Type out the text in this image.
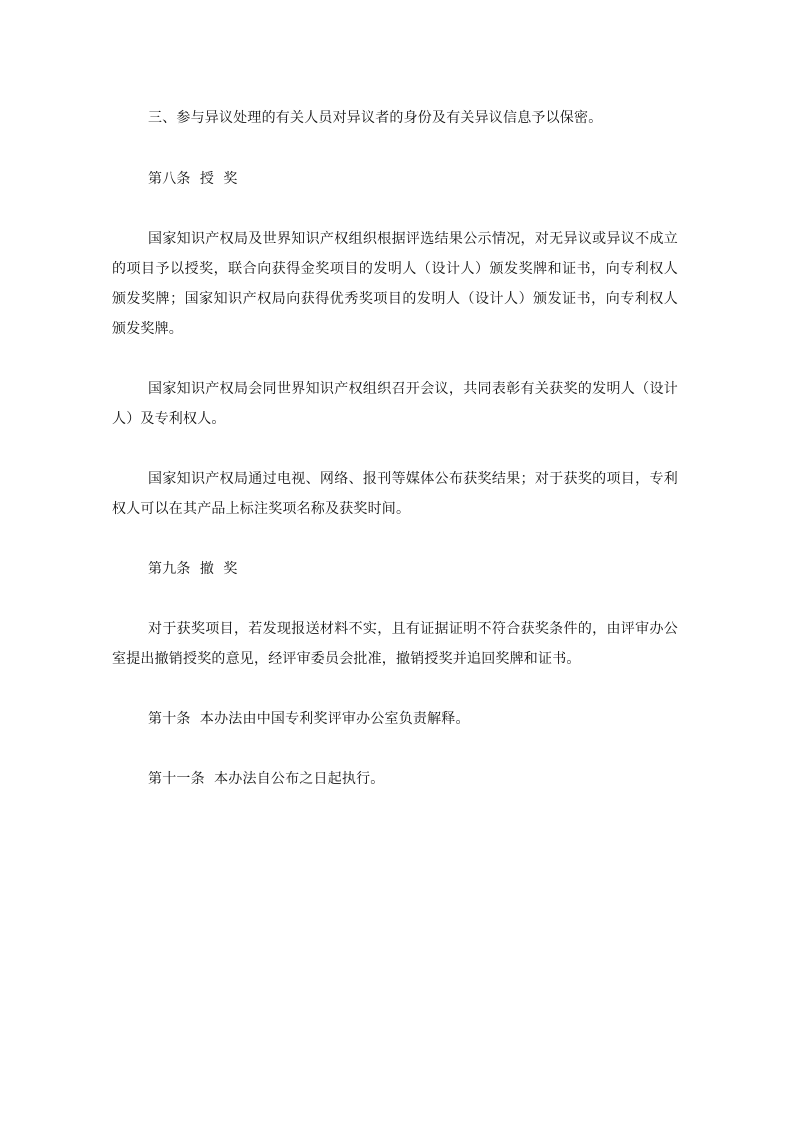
三、参与异议处理的有关人员对异议者的身份及有关异议信息予以保密。

第八条  授  奖

国家知识产权局及世界知识产权组织根据评选结果公示情况，对无异议或异议不成立的项目予以授奖，联合向获得金奖项目的发明人（设计人）颁发奖牌和证书，向专利权人颁发奖牌；国家知识产权局向获得优秀奖项目的发明人（设计人）颁发证书，向专利权人颁发奖牌。

国家知识产权局会同世界知识产权组织召开会议，共同表彰有关获奖的发明人（设计人）及专利权人。

国家知识产权局通过电视、网络、报刊等媒体公布获奖结果；对于获奖的项目，专利权人可以在其产品上标注奖项名称及获奖时间。

第九条  撤  奖

对于获奖项目，若发现报送材料不实，且有证据证明不符合获奖条件的，由评审办公室提出撤销授奖的意见，经评审委员会批准，撤销授奖并追回奖牌和证书。

第十条  本办法由中国专利奖评审办公室负责解释。

第十一条  本办法自公布之日起执行。
